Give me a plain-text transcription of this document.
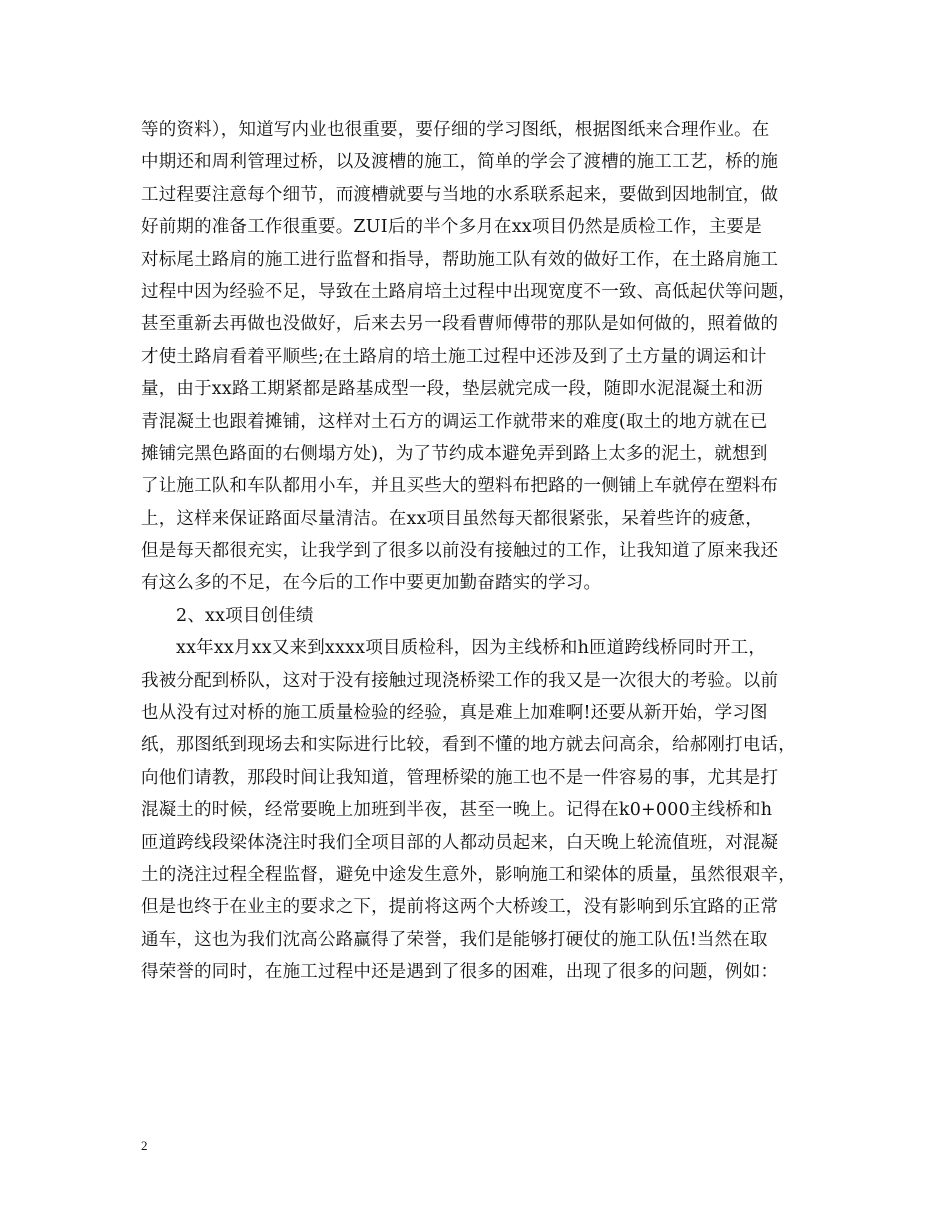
等的资料），知道写内业也很重要，要仔细的学习图纸，根据图纸来合理作业。在
中期还和周利管理过桥，以及渡槽的施工，简单的学会了渡槽的施工工艺，桥的施
工过程要注意每个细节，而渡槽就要与当地的水系联系起来，要做到因地制宜，做
好前期的准备工作很重要。ZUI后的半个多月在xx项目仍然是质检工作，主要是
对标尾土路肩的施工进行监督和指导，帮助施工队有效的做好工作，在土路肩施工
过程中因为经验不足，导致在土路肩培土过程中出现宽度不一致、高低起伏等问题，
甚至重新去再做也没做好，后来去另一段看曹师傅带的那队是如何做的，照着做的
才使土路肩看着平顺些;在土路肩的培土施工过程中还涉及到了土方量的调运和计
量，由于xx路工期紧都是路基成型一段，垫层就完成一段，随即水泥混凝土和沥
青混凝土也跟着摊铺，这样对土石方的调运工作就带来的难度(取土的地方就在已
摊铺完黑色路面的右侧塌方处)，为了节约成本避免弄到路上太多的泥土，就想到
了让施工队和车队都用小车，并且买些大的塑料布把路的一侧铺上车就停在塑料布
上，这样来保证路面尽量清洁。在xx项目虽然每天都很紧张，呆着些许的疲惫，
但是每天都很充实，让我学到了很多以前没有接触过的工作，让我知道了原来我还
有这么多的不足，在今后的工作中要更加勤奋踏实的学习。
2、xx项目创佳绩
xx年xx月xx又来到xxxx项目质检科，因为主线桥和h匝道跨线桥同时开工，
我被分配到桥队，这对于没有接触过现浇桥梁工作的我又是一次很大的考验。以前
也从没有过对桥的施工质量检验的经验，真是难上加难啊!还要从新开始，学习图
纸，那图纸到现场去和实际进行比较，看到不懂的地方就去问高余，给郝刚打电话，
向他们请教，那段时间让我知道，管理桥梁的施工也不是一件容易的事，尤其是打
混凝土的时候，经常要晚上加班到半夜，甚至一晚上。记得在k0+000主线桥和h
匝道跨线段梁体浇注时我们全项目部的人都动员起来，白天晚上轮流值班，对混凝
土的浇注过程全程监督，避免中途发生意外，影响施工和梁体的质量，虽然很艰辛，
但是也终于在业主的要求之下，提前将这两个大桥竣工，没有影响到乐宜路的正常
通车，这也为我们沈高公路赢得了荣誉，我们是能够打硬仗的施工队伍!当然在取
得荣誉的同时，在施工过程中还是遇到了很多的困难，出现了很多的问题，例如：
2
